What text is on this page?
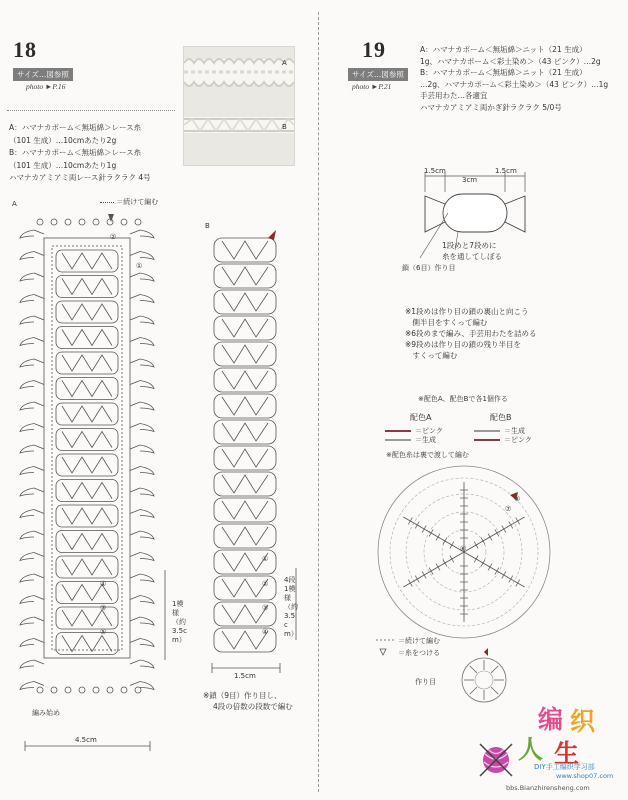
18
サイズ…図参照
photo ►P.16
A
B
A：ハマナカポーム＜無垢綿＞レース糸
（101 生成）…10cmあたり2g
B：ハマナカポーム＜無垢綿＞レース糸
（101 生成）…10cmあたり1g
ハマナカアミアミ両レース針ラクラク 4号
A
B
＝続けて編む
4.5cm
1模様（約3.5cm）
編み始め
①
②
③
④
⑤
1.5cm
4段1模様（約3.5cm）
①
②
③
④
※鎖（9目）作り目し、
4段の倍数の段数で編む
19
サイズ…図参照
photo ►P.21
A：ハマナカポーム＜無垢綿＞ニット（21 生成）
1g、ハマナカポーム＜彩土染め＞（43 ピンク）…2g
B：ハマナカポーム＜無垢綿＞ニット（21 生成）
…2g、ハマナカポーム＜彩土染め＞（43 ピンク）…1g
手芸用わた…各適宜
ハマナカアミアミ両かぎ針ラクラク 5/0号
1.5cm
3cm
1.5cm
1段めと7段めに
糸を通してしぼる
鎖（6目）作り目
※1段めは作り目の鎖の裏山と向こう
　側半目をすくって編む
※6段めまで編み、手芸用わたを詰める
※9段めは作り目の鎖の残り半目を
　すくって編む
※配色A、配色Bで各1個作る
配色A	配色B
＝ピンク
＝生成
＝生成
＝ピンク
※配色糸は裏で渡して編む
⑥
⑦
⑧
＝続けて編む
＝糸をつける
作り目
编 织
人 生
DIY手工编织学习部
www.shop07.com
bbs.Bianzhirensheng.com
